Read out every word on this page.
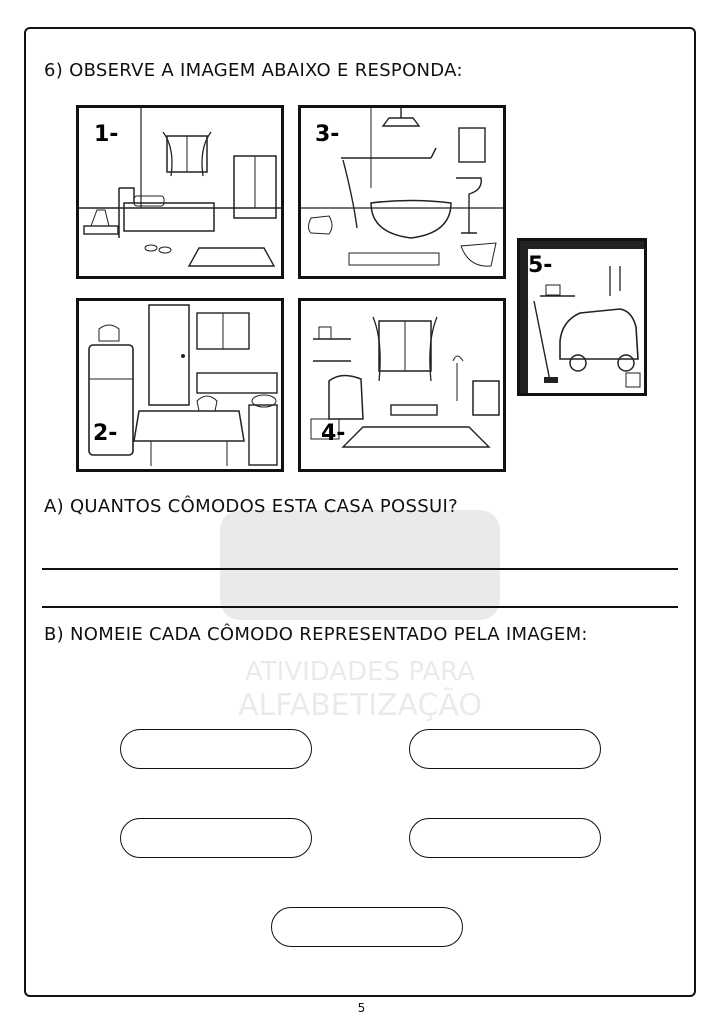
ATIVIDADES PARA
ALFABETIZAÇÃO
6) OBSERVE A IMAGEM ABAIXO E RESPONDA:
1-	3-
5-
2-	4-
A) QUANTOS CÔMODOS ESTA CASA POSSUI?
B) NOMEIE CADA CÔMODO REPRESENTADO PELA IMAGEM:
5
